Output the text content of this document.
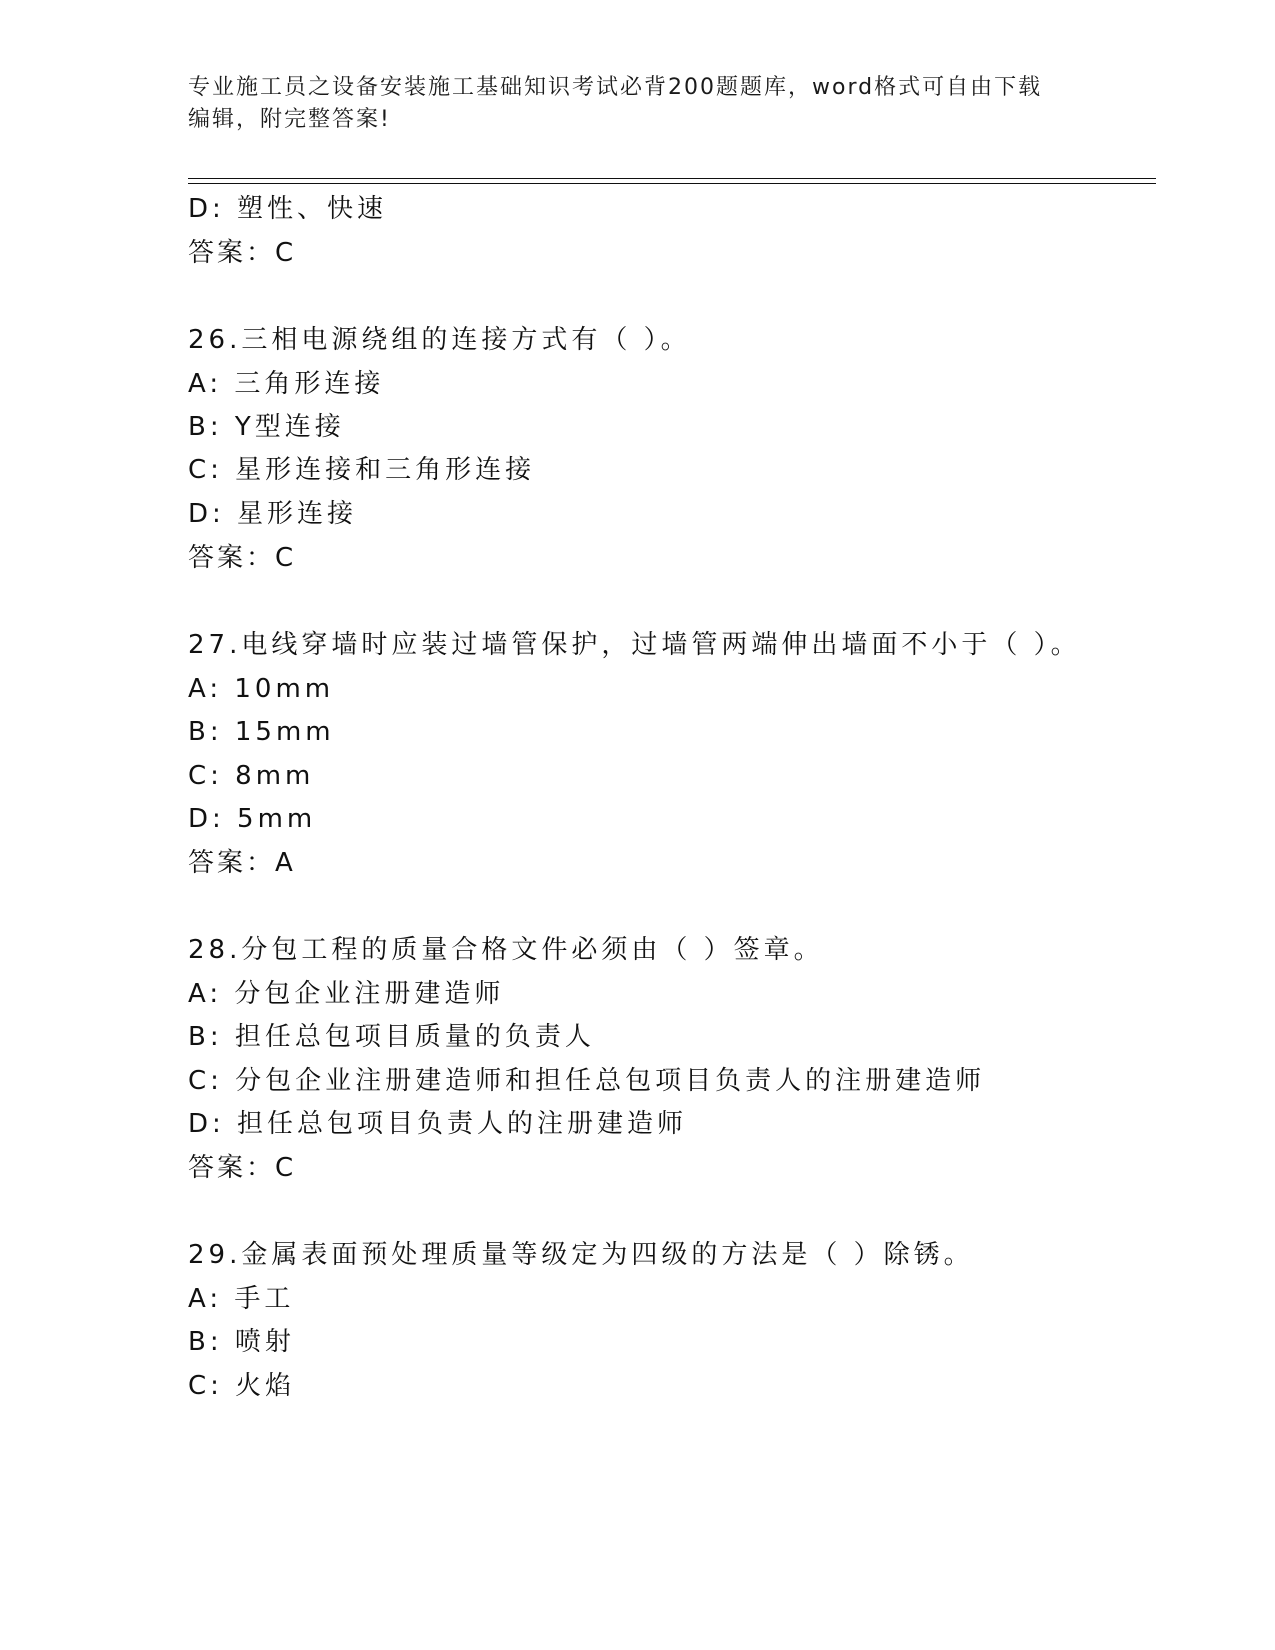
专业施工员之设备安装施工基础知识考试必背200题题库，word格式可自由下载
编辑，附完整答案!
D: 塑性、快速
答案：C
26.三相电源绕组的连接方式有（ ）。
A: 三角形连接
B: Y型连接
C: 星形连接和三角形连接
D: 星形连接
答案：C
27.电线穿墙时应装过墙管保护，过墙管两端伸出墙面不小于（ ）。
A: 10mm
B: 15mm
C: 8mm
D: 5mm
答案：A
28.分包工程的质量合格文件必须由（ ）签章。
A: 分包企业注册建造师
B: 担任总包项目质量的负责人
C: 分包企业注册建造师和担任总包项目负责人的注册建造师
D: 担任总包项目负责人的注册建造师
答案：C
29.金属表面预处理质量等级定为四级的方法是（ ）除锈。
A: 手工
B: 喷射
C: 火焰
